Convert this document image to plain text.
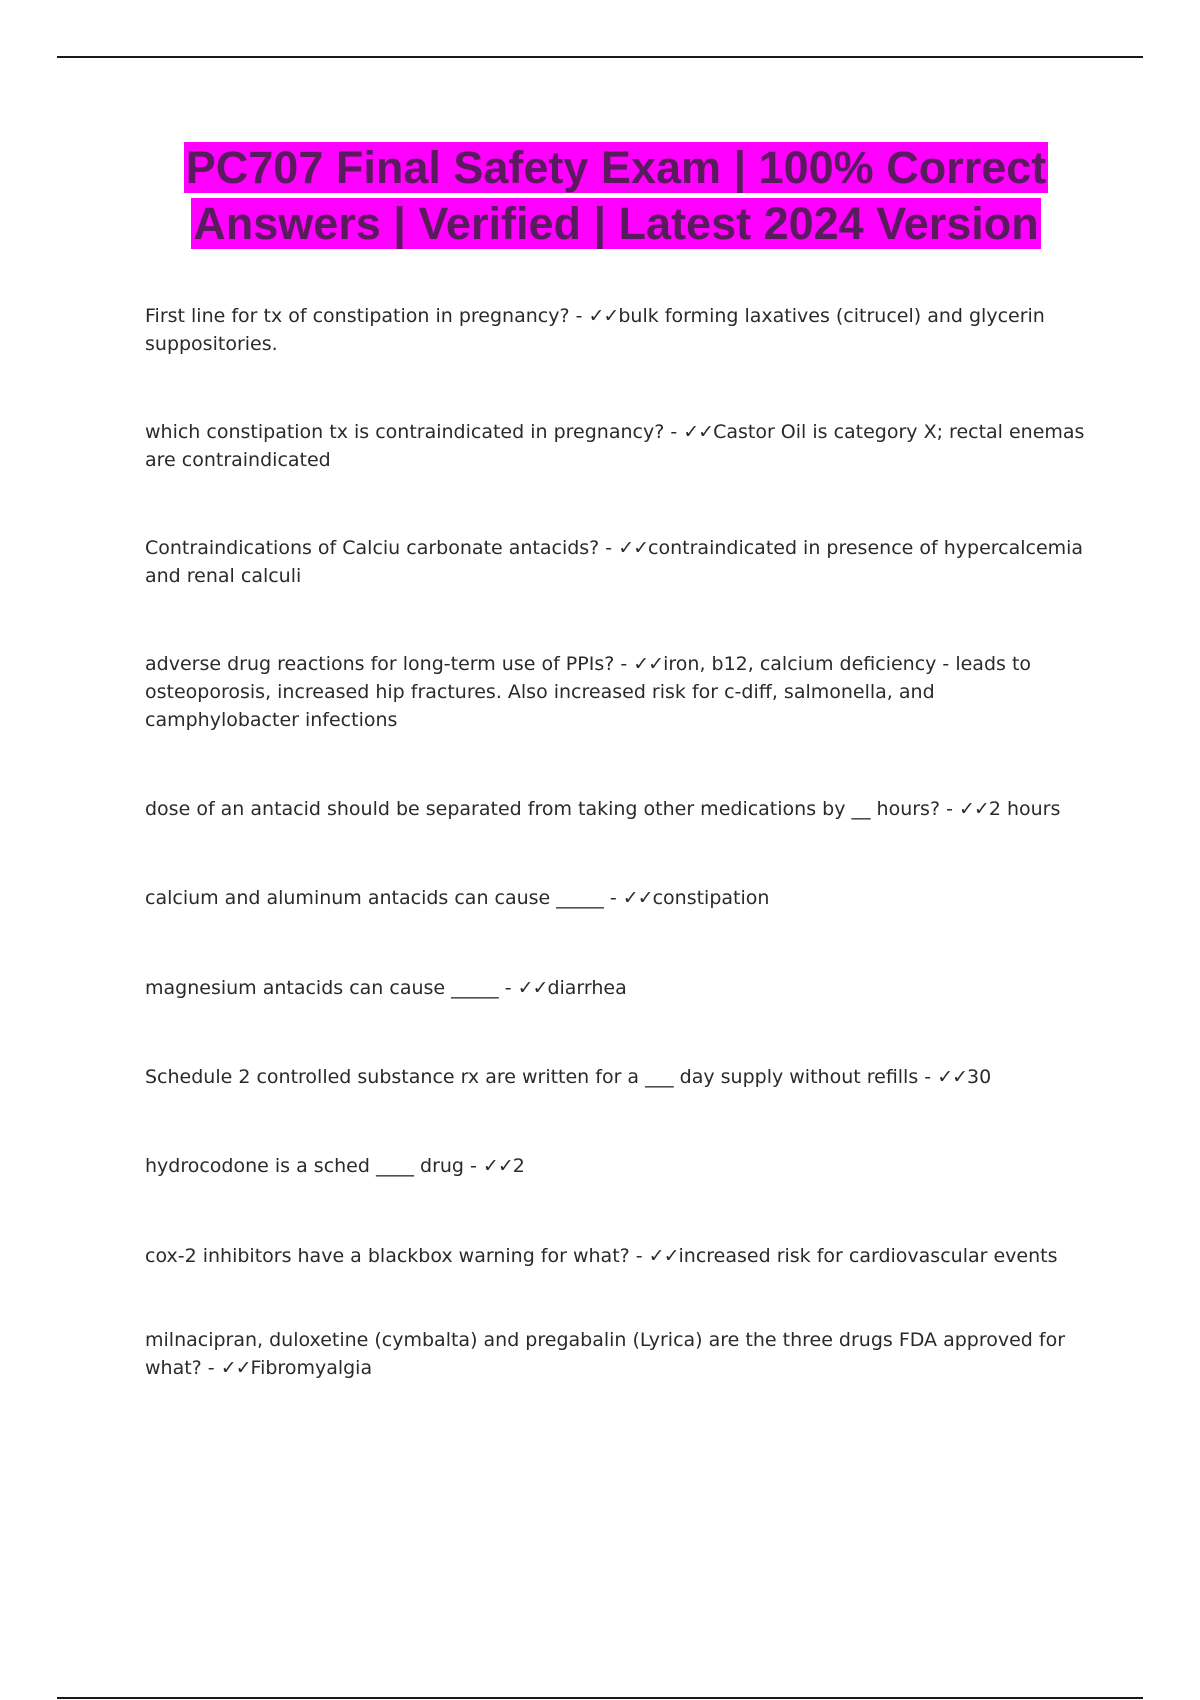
PC707 Final Safety Exam | 100% Correct
Answers | Verified | Latest 2024 Version
First line for tx of constipation in pregnancy? - ✓✓bulk forming laxatives (citrucel) and glycerin suppositories.
which constipation tx is contraindicated in pregnancy? - ✓✓Castor Oil is category X; rectal enemas are contraindicated
Contraindications of Calciu carbonate antacids? - ✓✓contraindicated in presence of hypercalcemia and renal calculi
adverse drug reactions for long-term use of PPIs? - ✓✓iron, b12, calcium deficiency - leads to osteoporosis, increased hip fractures. Also increased risk for c-diff, salmonella, and camphylobacter infections
dose of an antacid should be separated from taking other medications by __ hours? - ✓✓2 hours
calcium and aluminum antacids can cause _____ - ✓✓constipation
magnesium antacids can cause _____ - ✓✓diarrhea
Schedule 2 controlled substance rx are written for a ___ day supply without refills - ✓✓30
hydrocodone is a sched ____ drug - ✓✓2
cox-2 inhibitors have a blackbox warning for what? - ✓✓increased risk for cardiovascular events
milnacipran, duloxetine (cymbalta) and pregabalin (Lyrica) are the three drugs FDA approved for what? - ✓✓Fibromyalgia
